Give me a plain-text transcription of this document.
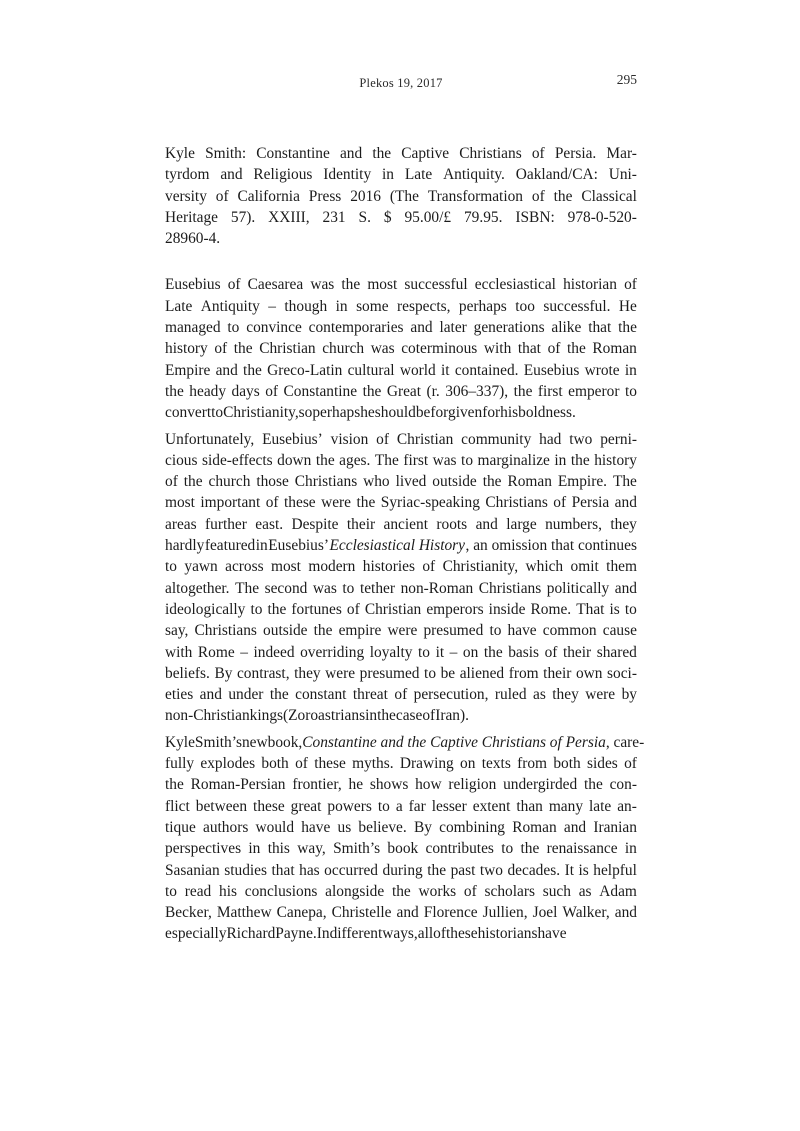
Plekos 19, 2017	295
Kyle Smith: Constantine and the Captive Christians of Persia. Mar-
tyrdom and Religious Identity in Late Antiquity. Oakland/CA: Uni-
versity of California Press 2016 (The Transformation of the Classical
Heritage 57). XXIII, 231 S. $ 95.00/£ 79.95. ISBN: 978-0-520-
28960-4.
Eusebius of Caesarea was the most successful ecclesiastical historian of
Late Antiquity – though in some respects, perhaps too successful. He
managed to convince contemporaries and later generations alike that the
history of the Christian church was coterminous with that of the Roman
Empire and the Greco-Latin cultural world it contained. Eusebius wrote in
the heady days of Constantine the Great (r. 306–337), the first emperor to
convert to Christianity, so perhaps he should be forgiven for his boldness.
Unfortunately, Eusebius’ vision of Christian community had two perni-
cious side-effects down the ages. The first was to marginalize in the history
of the church those Christians who lived outside the Roman Empire. The
most important of these were the Syriac-speaking Christians of Persia and
areas further east. Despite their ancient roots and large numbers, they
hardly featured in Eusebius’ Ecclesiastical History , an omission that continues
to yawn across most modern histories of Christianity, which omit them
altogether. The second was to tether non-Roman Christians politically and
ideologically to the fortunes of Christian emperors inside Rome. That is to
say, Christians outside the empire were presumed to have common cause
with Rome – indeed overriding loyalty to it – on the basis of their shared
beliefs. By contrast, they were presumed to be aliened from their own soci-
eties and under the constant threat of persecution, ruled as they were by
non-Christian kings (Zoroastrians in the case of Iran).
Kyle Smith’s new book, Constantine and the Captive Christians of Persia , care-
fully explodes both of these myths. Drawing on texts from both sides of
the Roman-Persian frontier, he shows how religion undergirded the con-
flict between these great powers to a far lesser extent than many late an-
tique authors would have us believe. By combining Roman and Iranian
perspectives in this way, Smith’s book contributes to the renaissance in
Sasanian studies that has occurred during the past two decades. It is helpful
to read his conclusions alongside the works of scholars such as Adam
Becker, Matthew Canepa, Christelle and Florence Jullien, Joel Walker, and
especially Richard Payne. In different ways, all of these historians have
